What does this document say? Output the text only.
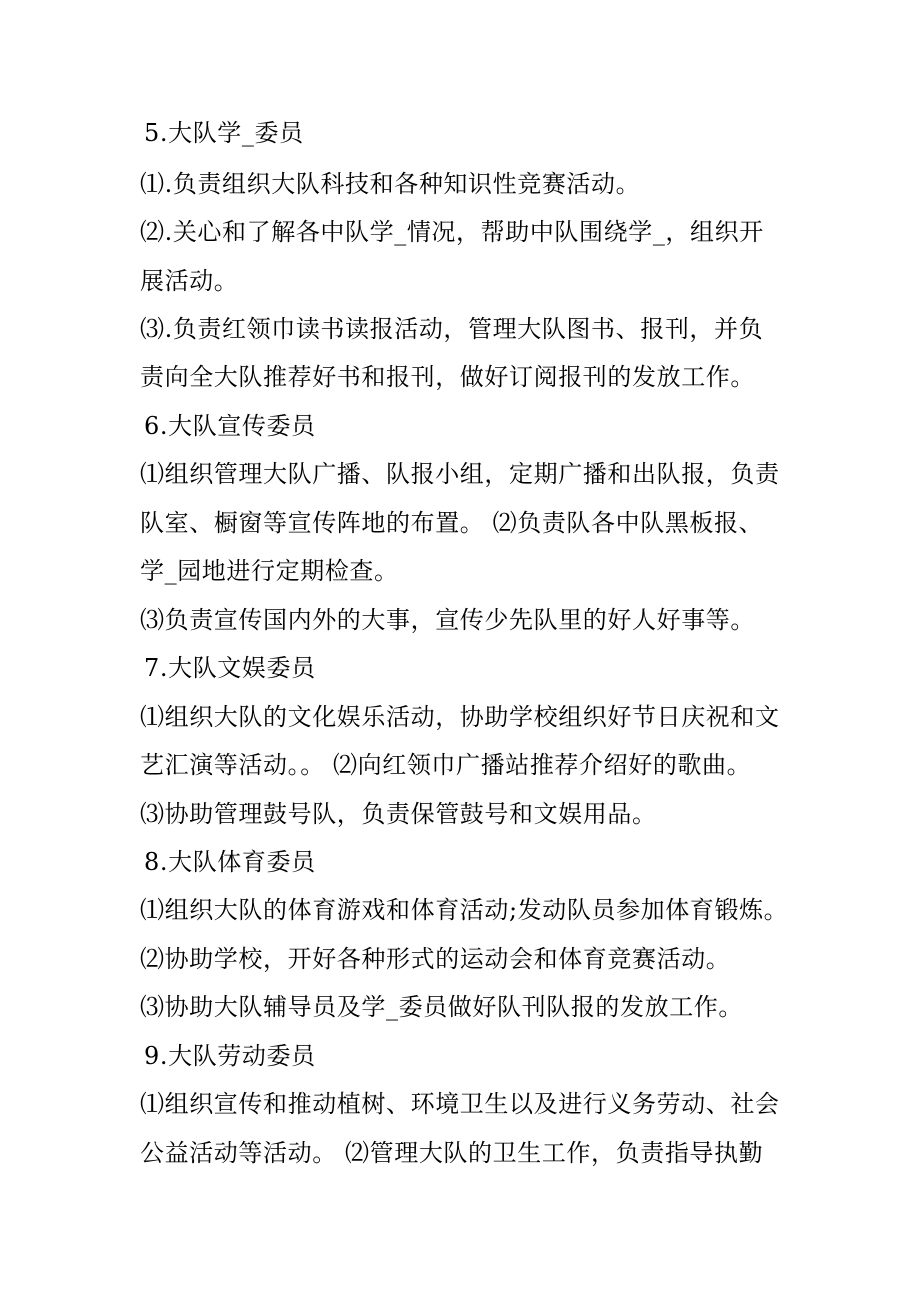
5.大队学_委员
⑴.负责组织大队科技和各种知识性竞赛活动。
⑵.关心和了解各中队学_情况，帮助中队围绕学_，组织开
展活动。
⑶.负责红领巾读书读报活动，管理大队图书、报刊，并负
责向全大队推荐好书和报刊，做好订阅报刊的发放工作。
6.大队宣传委员
⑴组织管理大队广播、队报小组，定期广播和出队报，负责
队室、橱窗等宣传阵地的布置。 ⑵负责队各中队黑板报、
学_园地进行定期检查。
⑶负责宣传国内外的大事，宣传少先队里的好人好事等。
7.大队文娱委员
⑴组织大队的文化娱乐活动，协助学校组织好节日庆祝和文
艺汇演等活动。。 ⑵向红领巾广播站推荐介绍好的歌曲。
⑶协助管理鼓号队，负责保管鼓号和文娱用品。
8.大队体育委员
⑴组织大队的体育游戏和体育活动;发动队员参加体育锻炼。
⑵协助学校，开好各种形式的运动会和体育竞赛活动。
⑶协助大队辅导员及学_委员做好队刊队报的发放工作。
9.大队劳动委员
⑴组织宣传和推动植树、环境卫生以及进行义务劳动、社会
公益活动等活动。 ⑵管理大队的卫生工作，负责指导执勤
